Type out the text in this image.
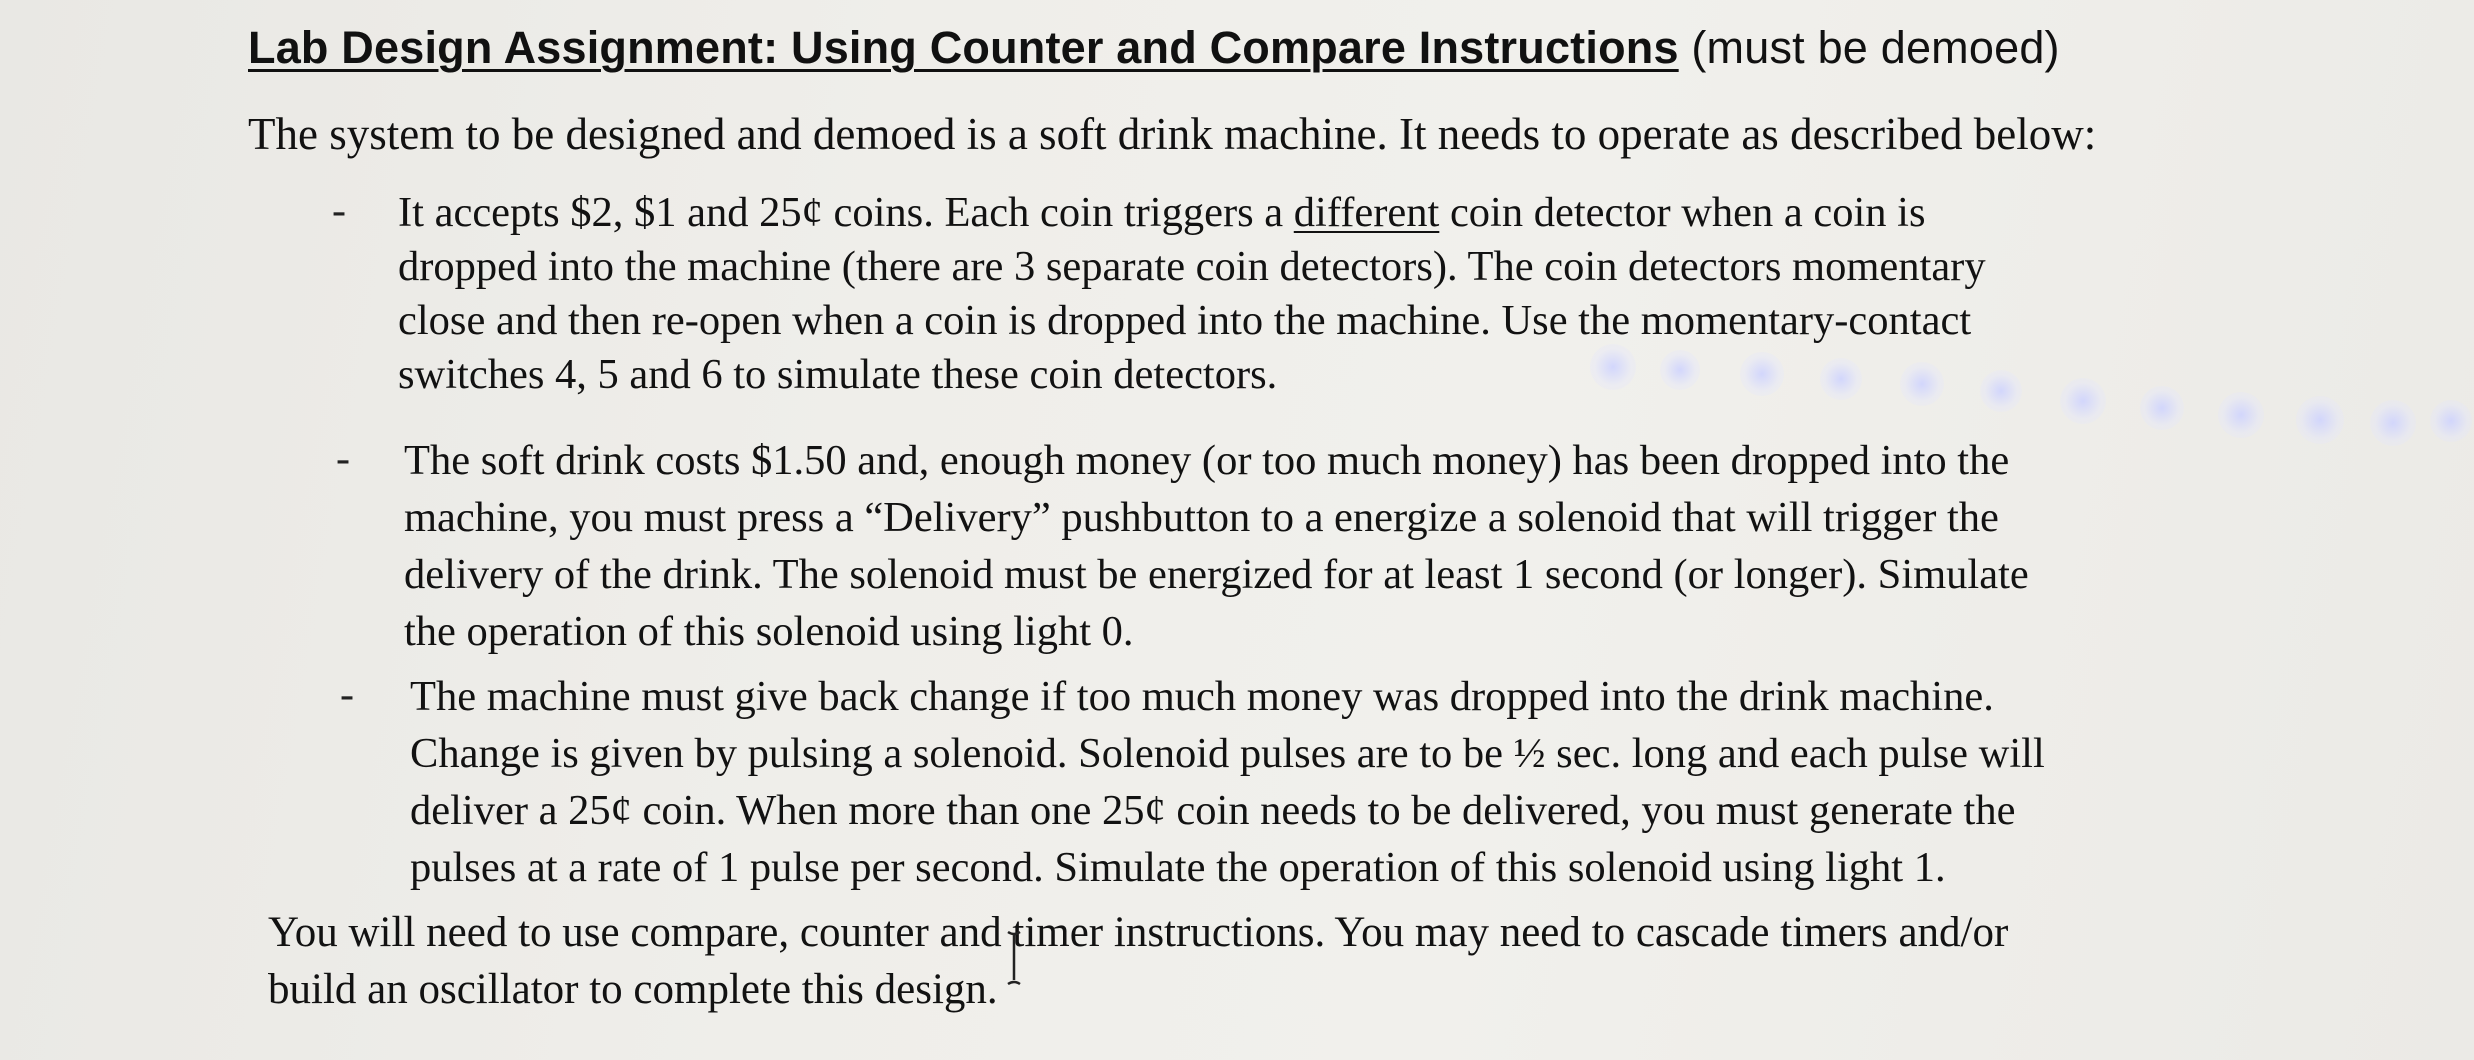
Lab Design Assignment: Using Counter and Compare Instructions (must be demoed)
The system to be designed and demoed is a soft drink machine. It needs to operate as described below:
- It accepts $2, $1 and 25¢ coins. Each coin triggers a different coin detector when a coin is
dropped into the machine (there are 3 separate coin detectors). The coin detectors momentary
close and then re-open when a coin is dropped into the machine. Use the momentary-contact
switches 4, 5 and 6 to simulate these coin detectors.
- The soft drink costs $1.50 and, enough money (or too much money) has been dropped into the
machine, you must press a “Delivery” pushbutton to a energize a solenoid that will trigger the
delivery of the drink. The solenoid must be energized for at least 1 second (or longer). Simulate
the operation of this solenoid using light 0.
- The machine must give back change if too much money was dropped into the drink machine.
Change is given by pulsing a solenoid. Solenoid pulses are to be ½ sec. long and each pulse will
deliver a 25¢ coin. When more than one 25¢ coin needs to be delivered, you must generate the
pulses at a rate of 1 pulse per second. Simulate the operation of this solenoid using light 1.
You will need to use compare, counter and timer instructions. You may need to cascade timers and/or
build an oscillator to complete this design.
